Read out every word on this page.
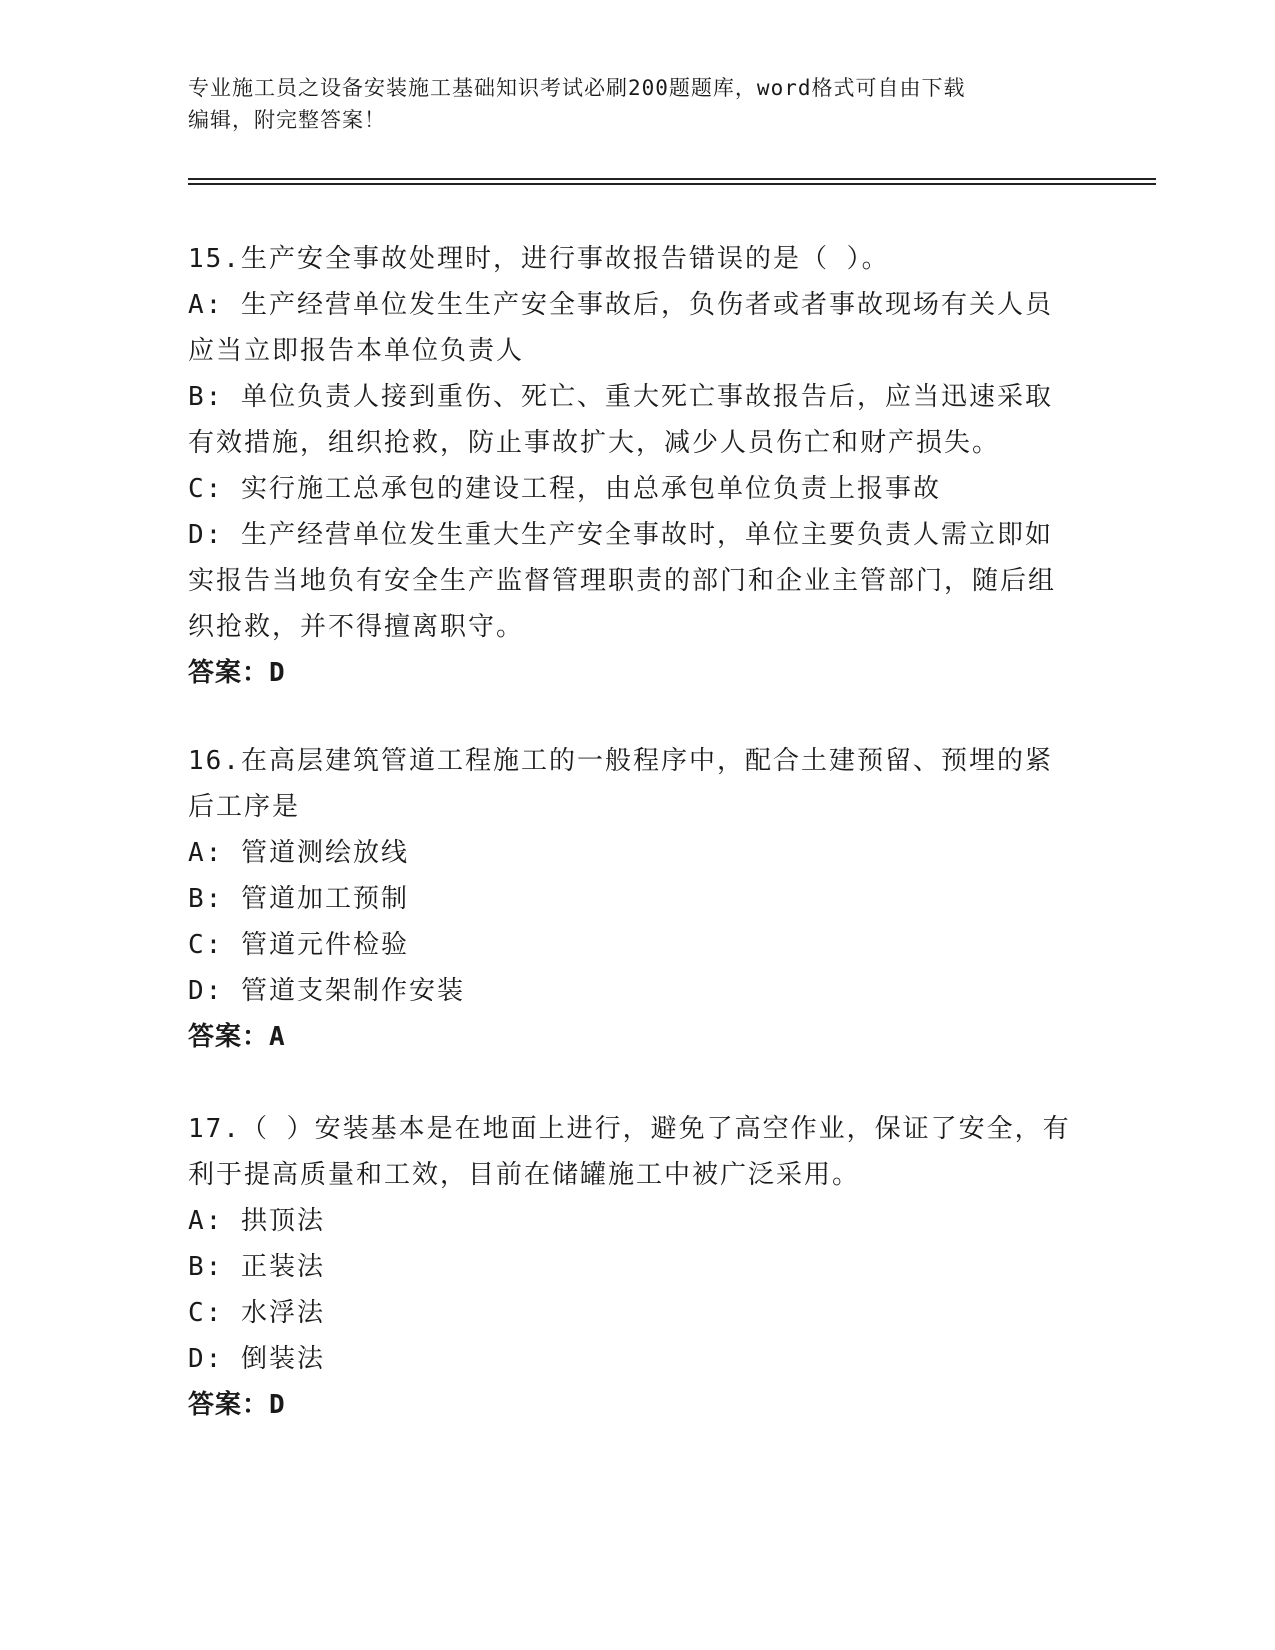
专业施工员之设备安装施工基础知识考试必刷200题题库，word格式可自由下载
编辑，附完整答案！
15.生产安全事故处理时，进行事故报告错误的是（ ）。
A: 生产经营单位发生生产安全事故后，负伤者或者事故现场有关人员应当立即报告本单位负责人
B: 单位负责人接到重伤、死亡、重大死亡事故报告后，应当迅速采取有效措施，组织抢救，防止事故扩大，减少人员伤亡和财产损失。
C: 实行施工总承包的建设工程，由总承包单位负责上报事故
D: 生产经营单位发生重大生产安全事故时，单位主要负责人需立即如实报告当地负有安全生产监督管理职责的部门和企业主管部门，随后组织抢救，并不得擅离职守。
答案：D
16.在高层建筑管道工程施工的一般程序中，配合土建预留、预埋的紧后工序是
A: 管道测绘放线
B: 管道加工预制
C: 管道元件检验
D: 管道支架制作安装
答案：A
17.（ ）安装基本是在地面上进行，避免了高空作业，保证了安全，有利于提高质量和工效，目前在储罐施工中被广泛采用。
A: 拱顶法
B: 正装法
C: 水浮法
D: 倒装法
答案：D
